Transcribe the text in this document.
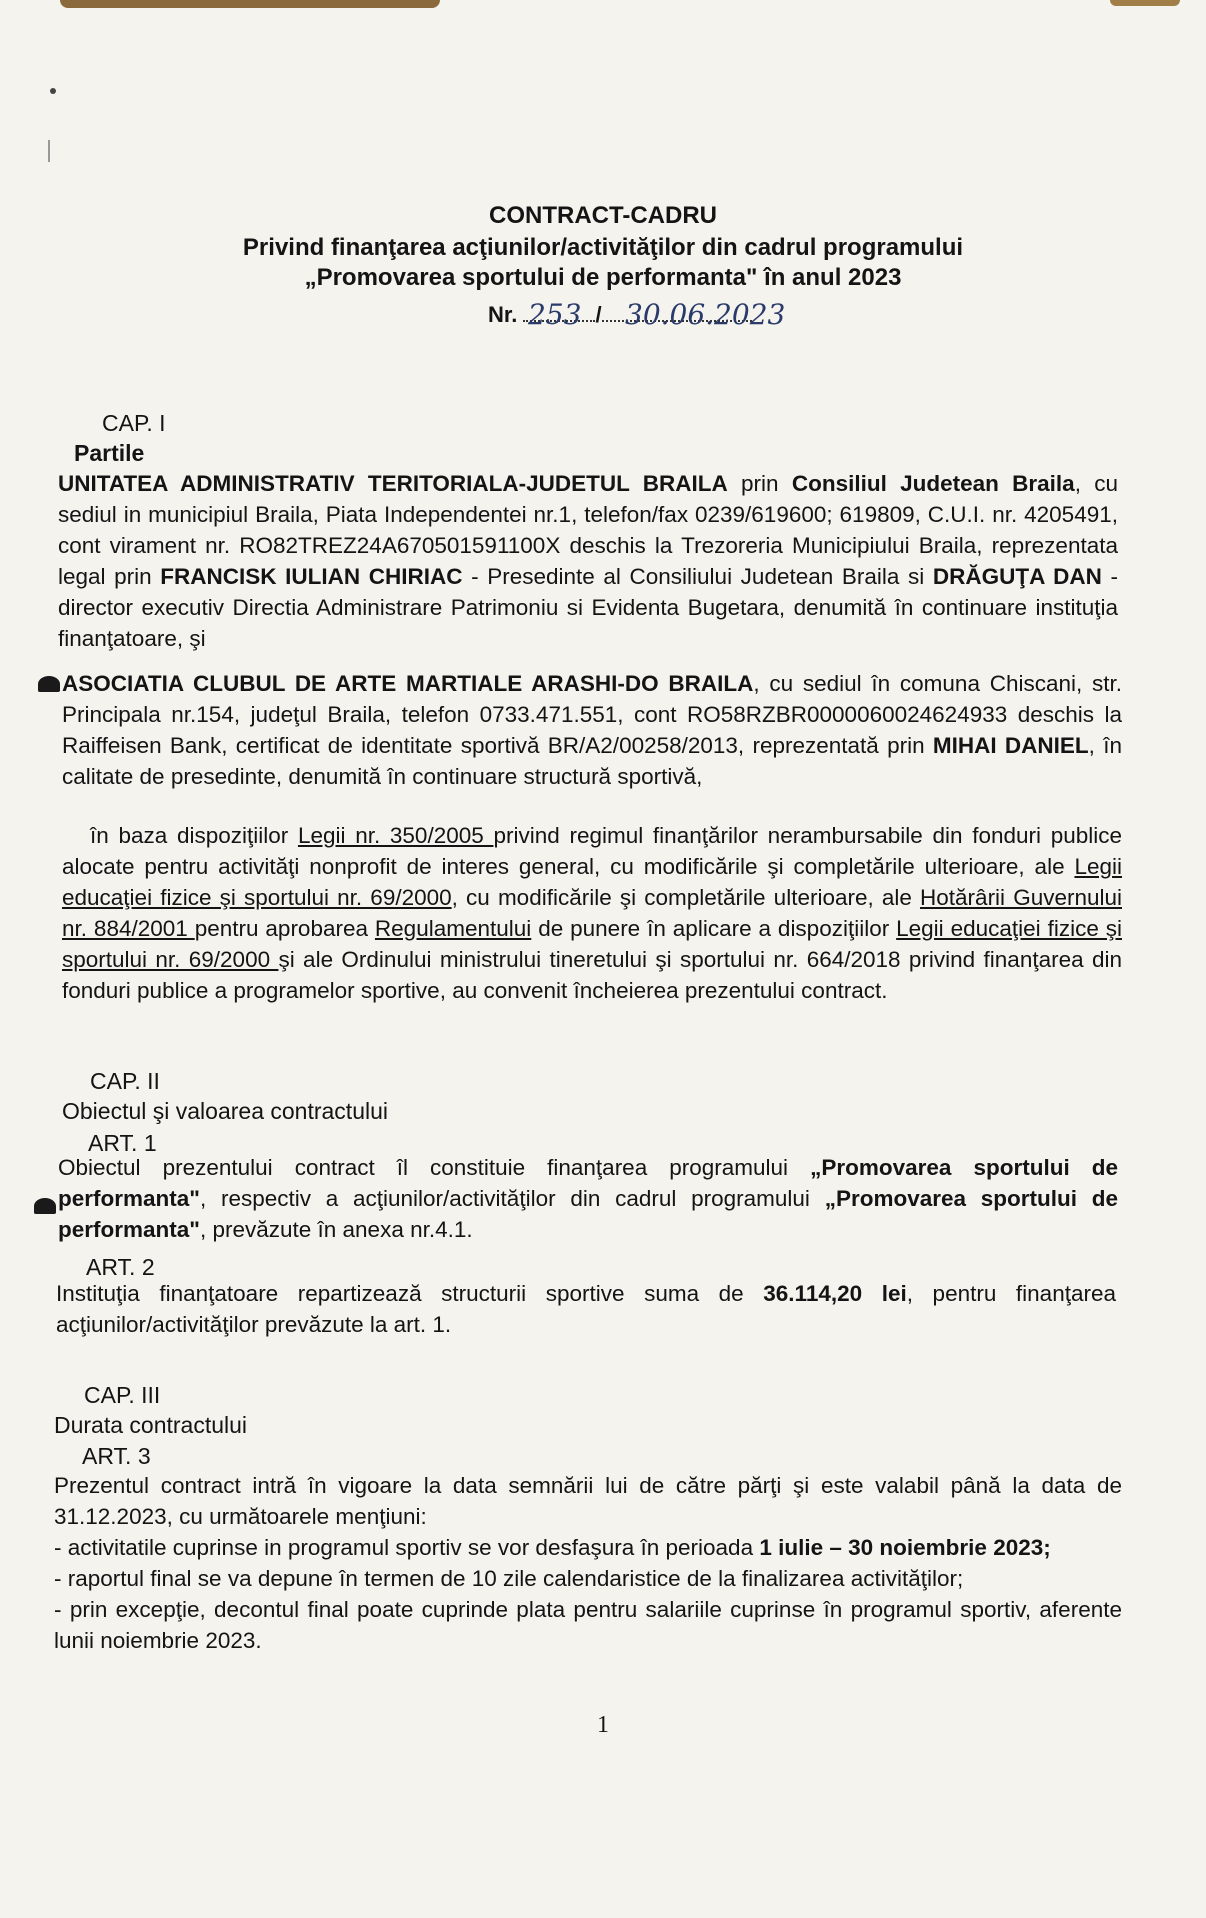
CONTRACT-CADRU
Privind finanţarea acţiunilor/activităţilor din cadrul programului
„Promovarea sportului de performanta" în anul 2023
Nr.	/
253 30.06.2023
CAP. I
Partile
UNITATEA ADMINISTRATIV TERITORIALA-JUDETUL BRAILA prin Consiliul Judetean Braila, cu sediul in municipiul Braila, Piata Independentei nr.1, telefon/fax 0239/619600; 619809, C.U.I. nr. 4205491, cont virament nr. RO82TREZ24A670501591100X deschis la Trezoreria Municipiului Braila, reprezentata legal prin FRANCISK IULIAN CHIRIAC - Presedinte al Consiliului Judetean Braila si DRĂGUŢA DAN - director executiv Directia Administrare Patrimoniu si Evidenta Bugetara, denumită în continuare instituţia finanţatoare, şi
ASOCIATIA CLUBUL DE ARTE MARTIALE ARASHI-DO BRAILA, cu sediul în comuna Chiscani, str. Principala nr.154, judeţul Braila, telefon 0733.471.551, cont RO58RZBR0000060024624933 deschis la Raiffeisen Bank, certificat de identitate sportivă BR/A2/00258/2013, reprezentată prin MIHAI DANIEL, în calitate de presedinte, denumită în continuare structură sportivă,
în baza dispoziţiilor Legii nr. 350/2005 privind regimul finanţărilor nerambursabile din fonduri publice alocate pentru activităţi nonprofit de interes general, cu modificările şi completările ulterioare, ale Legii educaţiei fizice şi sportului nr. 69/2000, cu modificările şi completările ulterioare, ale Hotărârii Guvernului nr. 884/2001 pentru aprobarea Regulamentului de punere în aplicare a dispoziţiilor Legii educaţiei fizice şi sportului nr. 69/2000 şi ale Ordinului ministrului tineretului şi sportului nr. 664/2018 privind finanţarea din fonduri publice a programelor sportive, au convenit încheierea prezentului contract.
CAP. II
Obiectul şi valoarea contractului
ART. 1
Obiectul prezentului contract îl constituie finanţarea programului „Promovarea sportului de performanta", respectiv a acţiunilor/activităţilor din cadrul programului „Promovarea sportului de performanta", prevăzute în anexa nr.4.1.
ART. 2
Instituţia finanţatoare repartizează structurii sportive suma de 36.114,20 lei, pentru finanţarea acţiunilor/activităţilor prevăzute la art. 1.
CAP. III
Durata contractului
ART. 3
Prezentul contract intră în vigoare la data semnării lui de către părţi şi este valabil până la data de 31.12.2023, cu următoarele menţiuni:
- activitatile cuprinse in programul sportiv se vor desfaşura în perioada 1 iulie – 30 noiembrie 2023;
- raportul final se va depune în termen de 10 zile calendaristice de la finalizarea activităţilor;
- prin excepţie, decontul final poate cuprinde plata pentru salariile cuprinse în programul sportiv, aferente lunii noiembrie 2023.
1
